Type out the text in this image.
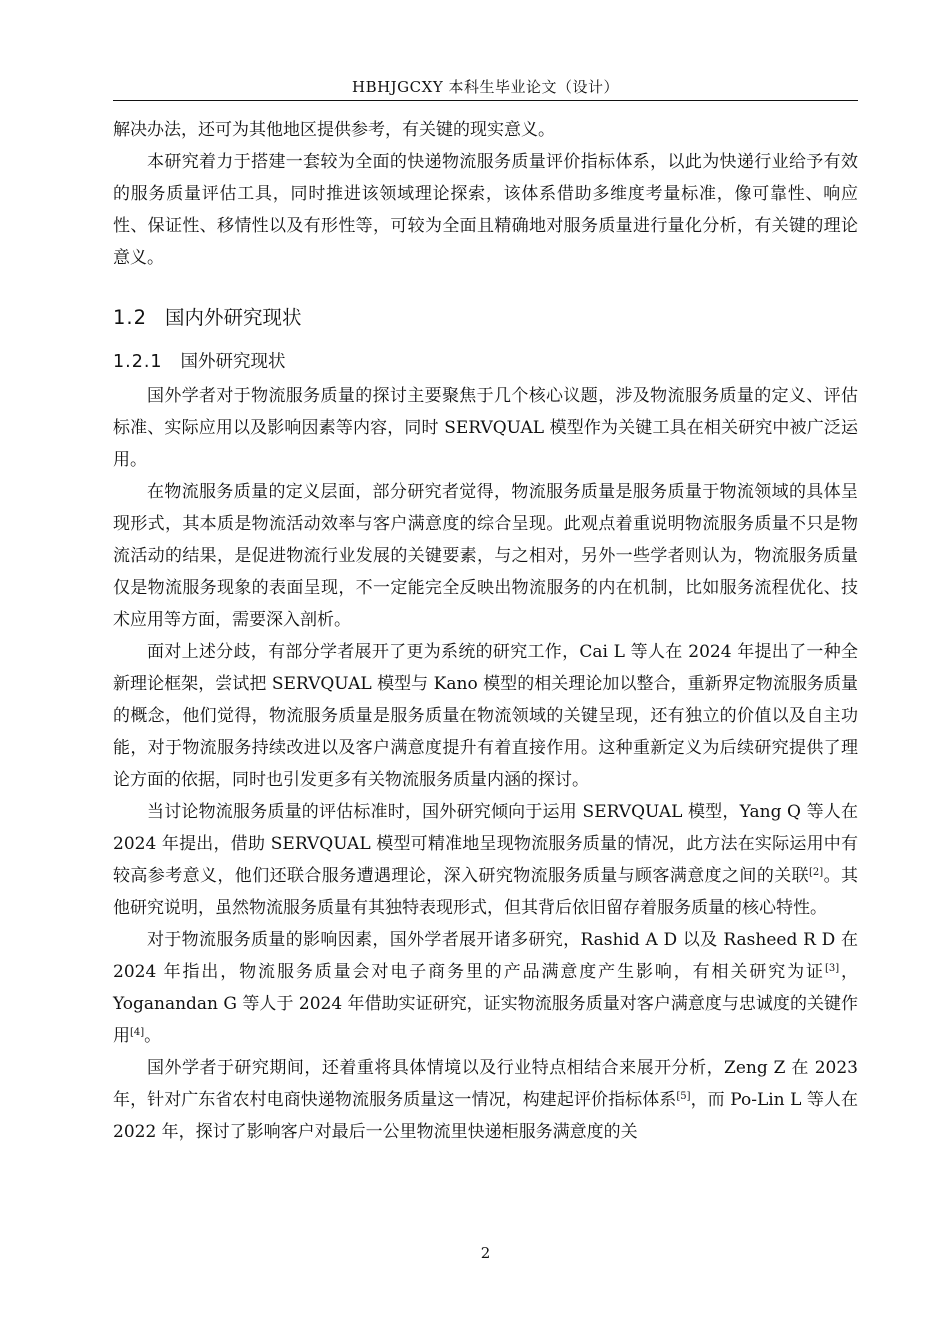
HBHJGCXY 本科生毕业论文（设计）

解决办法，还可为其他地区提供参考，有关键的现实意义。

本研究着力于搭建一套较为全面的快递物流服务质量评价指标体系，以此为快递行业给予有效的服务质量评估工具，同时推进该领域理论探索，该体系借助多维度考量标准，像可靠性、响应性、保证性、移情性以及有形性等，可较为全面且精确地对服务质量进行量化分析，有关键的理论意义。

1.2 国内外研究现状
1.2.1 国外研究现状

国外学者对于物流服务质量的探讨主要聚焦于几个核心议题，涉及物流服务质量的定义、评估标准、实际应用以及影响因素等内容，同时 SERVQUAL 模型作为关键工具在相关研究中被广泛运用。

在物流服务质量的定义层面，部分研究者觉得，物流服务质量是服务质量于物流领域的具体呈现形式，其本质是物流活动效率与客户满意度的综合呈现。此观点着重说明物流服务质量不只是物流活动的结果，是促进物流行业发展的关键要素，与之相对，另外一些学者则认为，物流服务质量仅是物流服务现象的表面呈现，不一定能完全反映出物流服务的内在机制，比如服务流程优化、技术应用等方面，需要深入剖析。

面对上述分歧，有部分学者展开了更为系统的研究工作，Cai L 等人在 2024 年提出了一种全新理论框架，尝试把 SERVQUAL 模型与 Kano 模型的相关理论加以整合，重新界定物流服务质量的概念，他们觉得，物流服务质量是服务质量在物流领域的关键呈现，还有独立的价值以及自主功能，对于物流服务持续改进以及客户满意度提升有着直接作用。这种重新定义为后续研究提供了理论方面的依据，同时也引发更多有关物流服务质量内涵的探讨。

当讨论物流服务质量的评估标准时，国外研究倾向于运用 SERVQUAL 模型，Yang Q 等人在 2024 年提出，借助 SERVQUAL 模型可精准地呈现物流服务质量的情况，此方法在实际运用中有较高参考意义，他们还联合服务遭遇理论，深入研究物流服务质量与顾客满意度之间的关联[2]。其他研究说明，虽然物流服务质量有其独特表现形式，但其背后依旧留存着服务质量的核心特性。

对于物流服务质量的影响因素，国外学者展开诸多研究，Rashid A D 以及 Rasheed R D 在 2024 年指出，物流服务质量会对电子商务里的产品满意度产生影响，有相关研究为证[3]，Yoganandan G 等人于 2024 年借助实证研究，证实物流服务质量对客户满意度与忠诚度的关键作用[4]。

国外学者于研究期间，还着重将具体情境以及行业特点相结合来展开分析，Zeng Z 在 2023 年，针对广东省农村电商快递物流服务质量这一情况，构建起评价指标体系[5]，而 Po-Lin L 等人在 2022 年，探讨了影响客户对最后一公里物流里快递柜服务满意度的关

2
